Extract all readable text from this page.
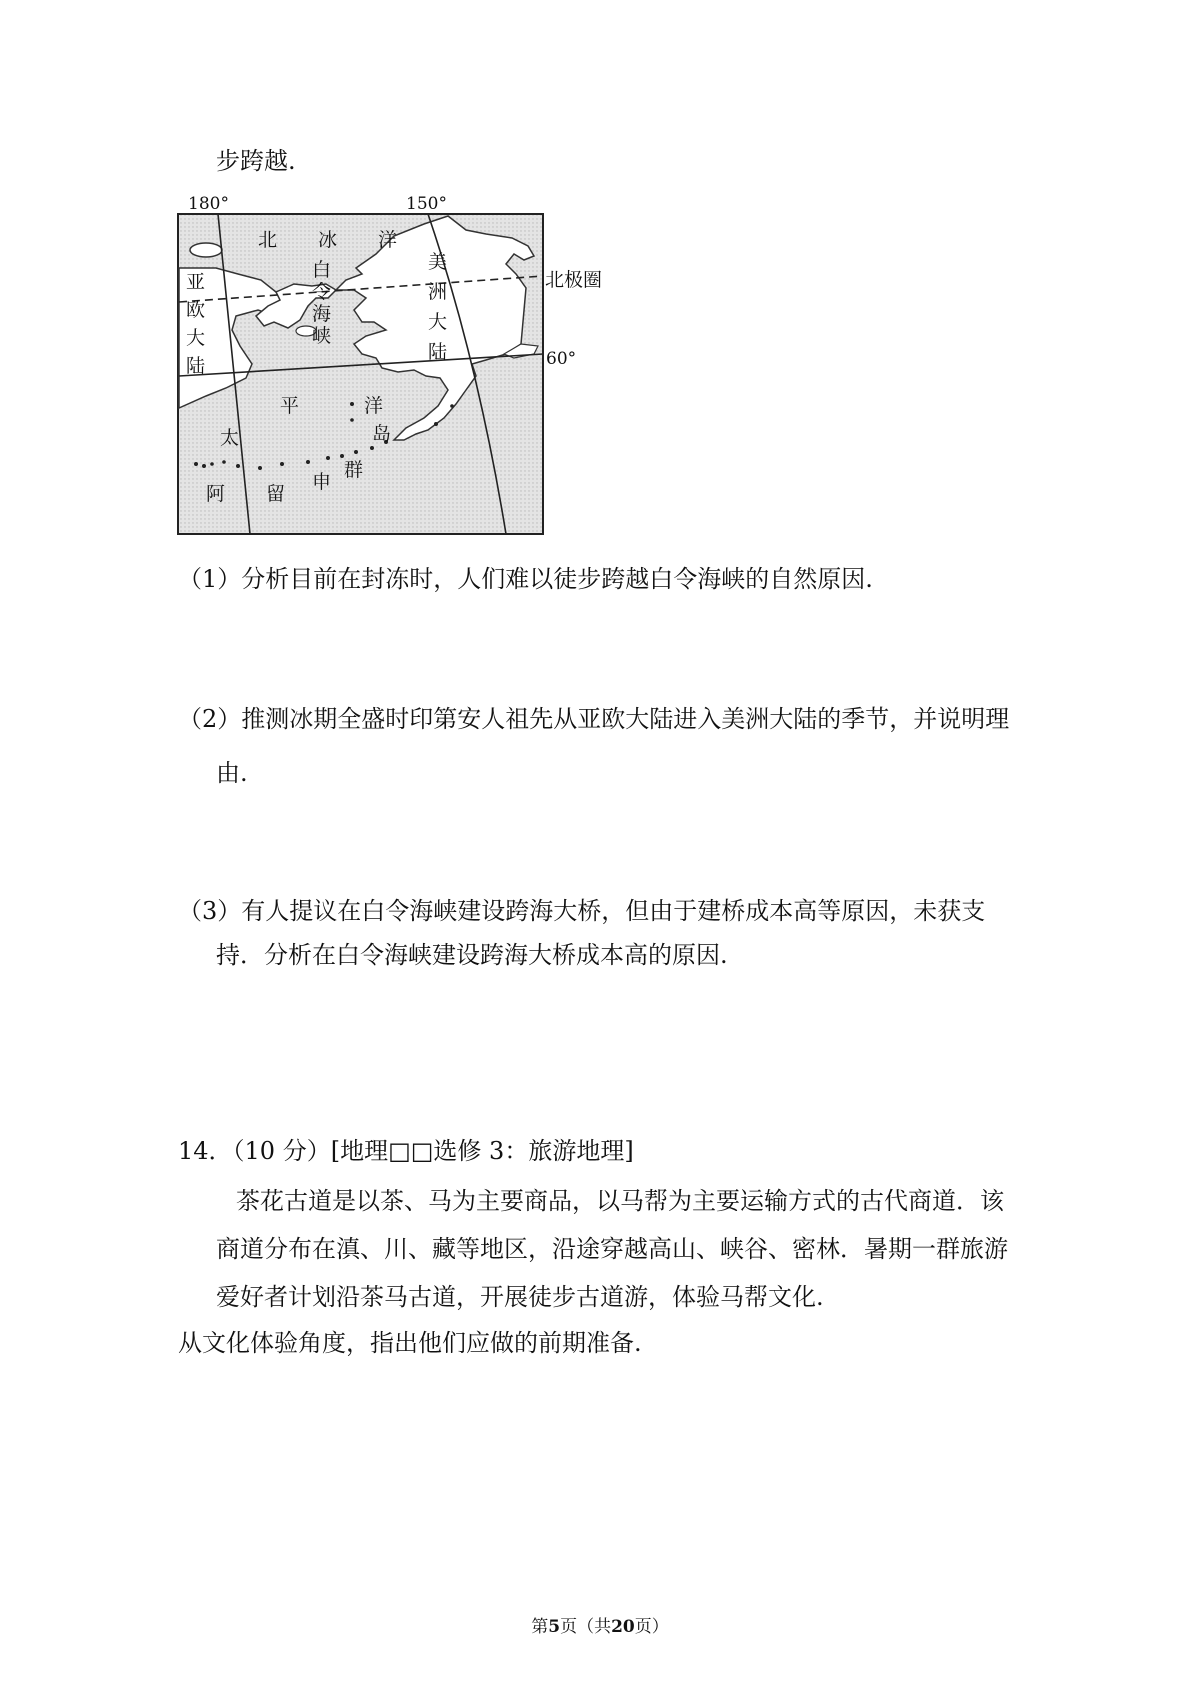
步跨越.
180°	150°
60°
北极圈
北 冰 洋
亚
欧
大
陆
白
令
海
峡
美
洲
大
陆
太
平	洋
阿 留
申
群
岛
（1）分析目前在封冻时，人们难以徒步跨越白令海峡的自然原因.
（2）推测冰期全盛时印第安人祖先从亚欧大陆进入美洲大陆的季节，并说明理
由.
（3）有人提议在白令海峡建设跨海大桥，但由于建桥成本高等原因，未获支
持．分析在白令海峡建设跨海大桥成本高的原因.
14．（10 分）[地理□□选修 3：旅游地理]
茶花古道是以茶、马为主要商品，以马帮为主要运输方式的古代商道．该
商道分布在滇、川、藏等地区，沿途穿越高山、峡谷、密林．暑期一群旅游
爱好者计划沿茶马古道，开展徒步古道游，体验马帮文化.
从文化体验角度，指出他们应做的前期准备.
第5页（共20页）
